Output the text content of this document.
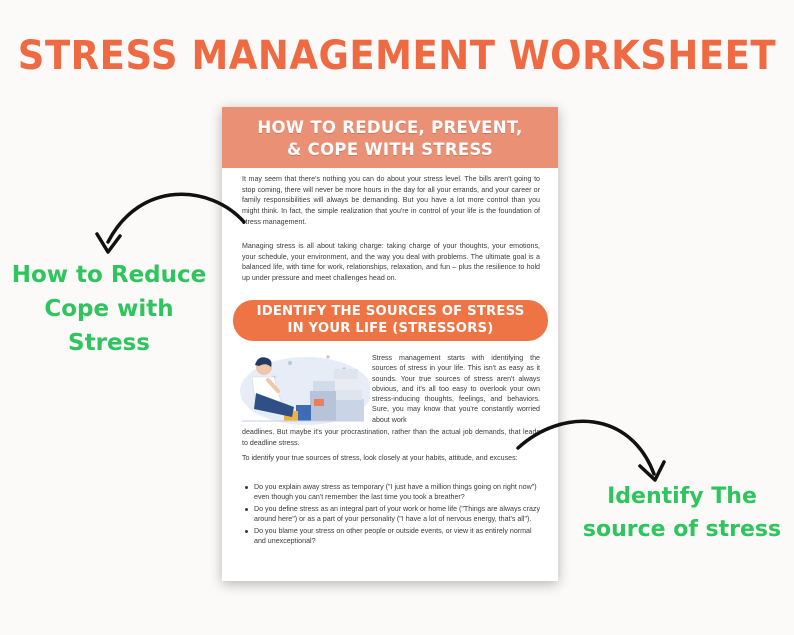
STRESS MANAGEMENT WORKSHEET
HOW TO REDUCE, PREVENT,
& COPE WITH STRESS

It may seem that there's nothing you can do about your stress level. The bills aren't going to stop coming, there will never be more hours in the day for all your errands, and your career or family responsibilities will always be demanding. But you have a lot more control than you might think. In fact, the simple realization that you're in control of your life is the foundation of stress management.

Managing stress is all about taking charge: taking charge of your thoughts, your emotions, your schedule, your environment, and the way you deal with problems. The ultimate goal is a balanced life, with time for work, relationships, relaxation, and fun – plus the resilience to hold up under pressure and meet challenges head on.

IDENTIFY THE SOURCES OF STRESS
IN YOUR LIFE (STRESSORS)

Stress management starts with identifying the sources of stress in your life. This isn't as easy as it sounds. Your true sources of stress aren't always obvious, and it's all too easy to overlook your own stress-inducing thoughts, feelings, and behaviors. Sure, you may know that you're constantly worried about work

deadlines. But maybe it's your procrastination, rather than the actual job demands, that leads to deadline stress.

To identify your true sources of stress, look closely at your habits, attitude, and excuses:

Do you explain away stress as temporary ("I just have a million things going on right now") even though you can't remember the last time you took a breather?
Do you define stress as an integral part of your work or home life ("Things are always crazy around here") or as a part of your personality ("I have a lot of nervous energy, that's all").
Do you blame your stress on other people or outside events, or view it as entirely normal and unexceptional?

How to Reduce
Cope with
Stress

Identify The
source of stress
